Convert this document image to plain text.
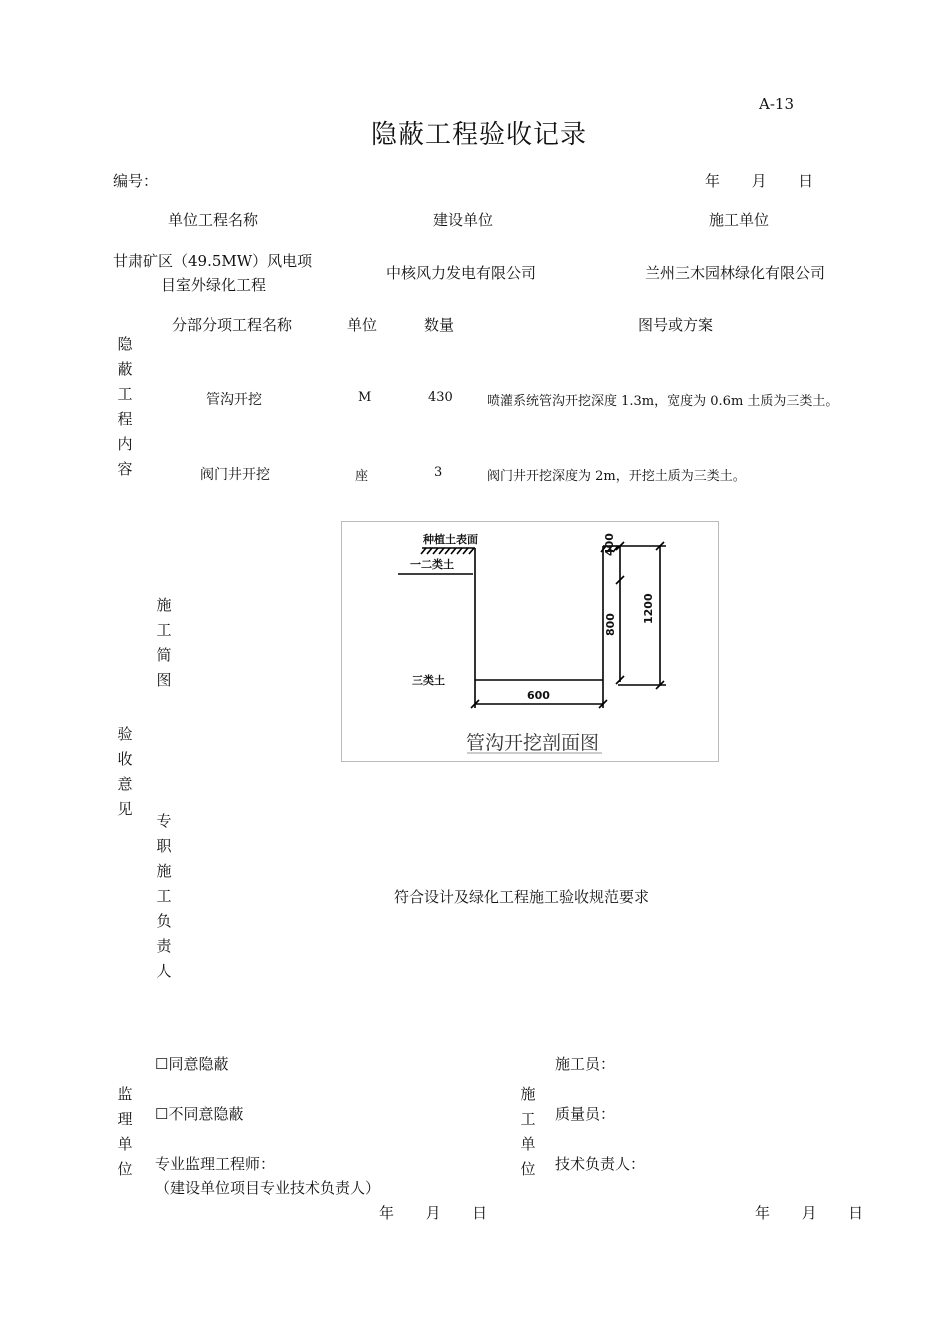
A-13
隐蔽工程验收记录
编号：	年 月 日
单位工程名称	建设单位	施工单位
甘肃矿区（49.5MW）风电项
目室外绿化工程
中核风力发电有限公司	兰州三木园林绿化有限公司
分部分项工程名称	单位	数量	图号或方案
隐
蔽
工
程
内
容
管沟开挖	M	430	喷灌系统管沟开挖深度 1.3m，宽度为 0.6m 土质为三类土。
阀门井开挖	座	3	阀门井开挖深度为 2m，开挖土质为三类土。
施
工
简
图
验
收
意
见
种植土表面
一二类土
三类土
600
400
800
1200
管沟开挖剖面图
专
职
施
工
负
责
人
符合设计及绿化工程施工验收规范要求
☐同意隐蔽
☐不同意隐蔽
专业监理工程师：
（建设单位项目专业技术负责人）
监
理
单
位
年 月 日
施
工
单
位
施工员：
质量员：
技术负责人：
年 月 日
